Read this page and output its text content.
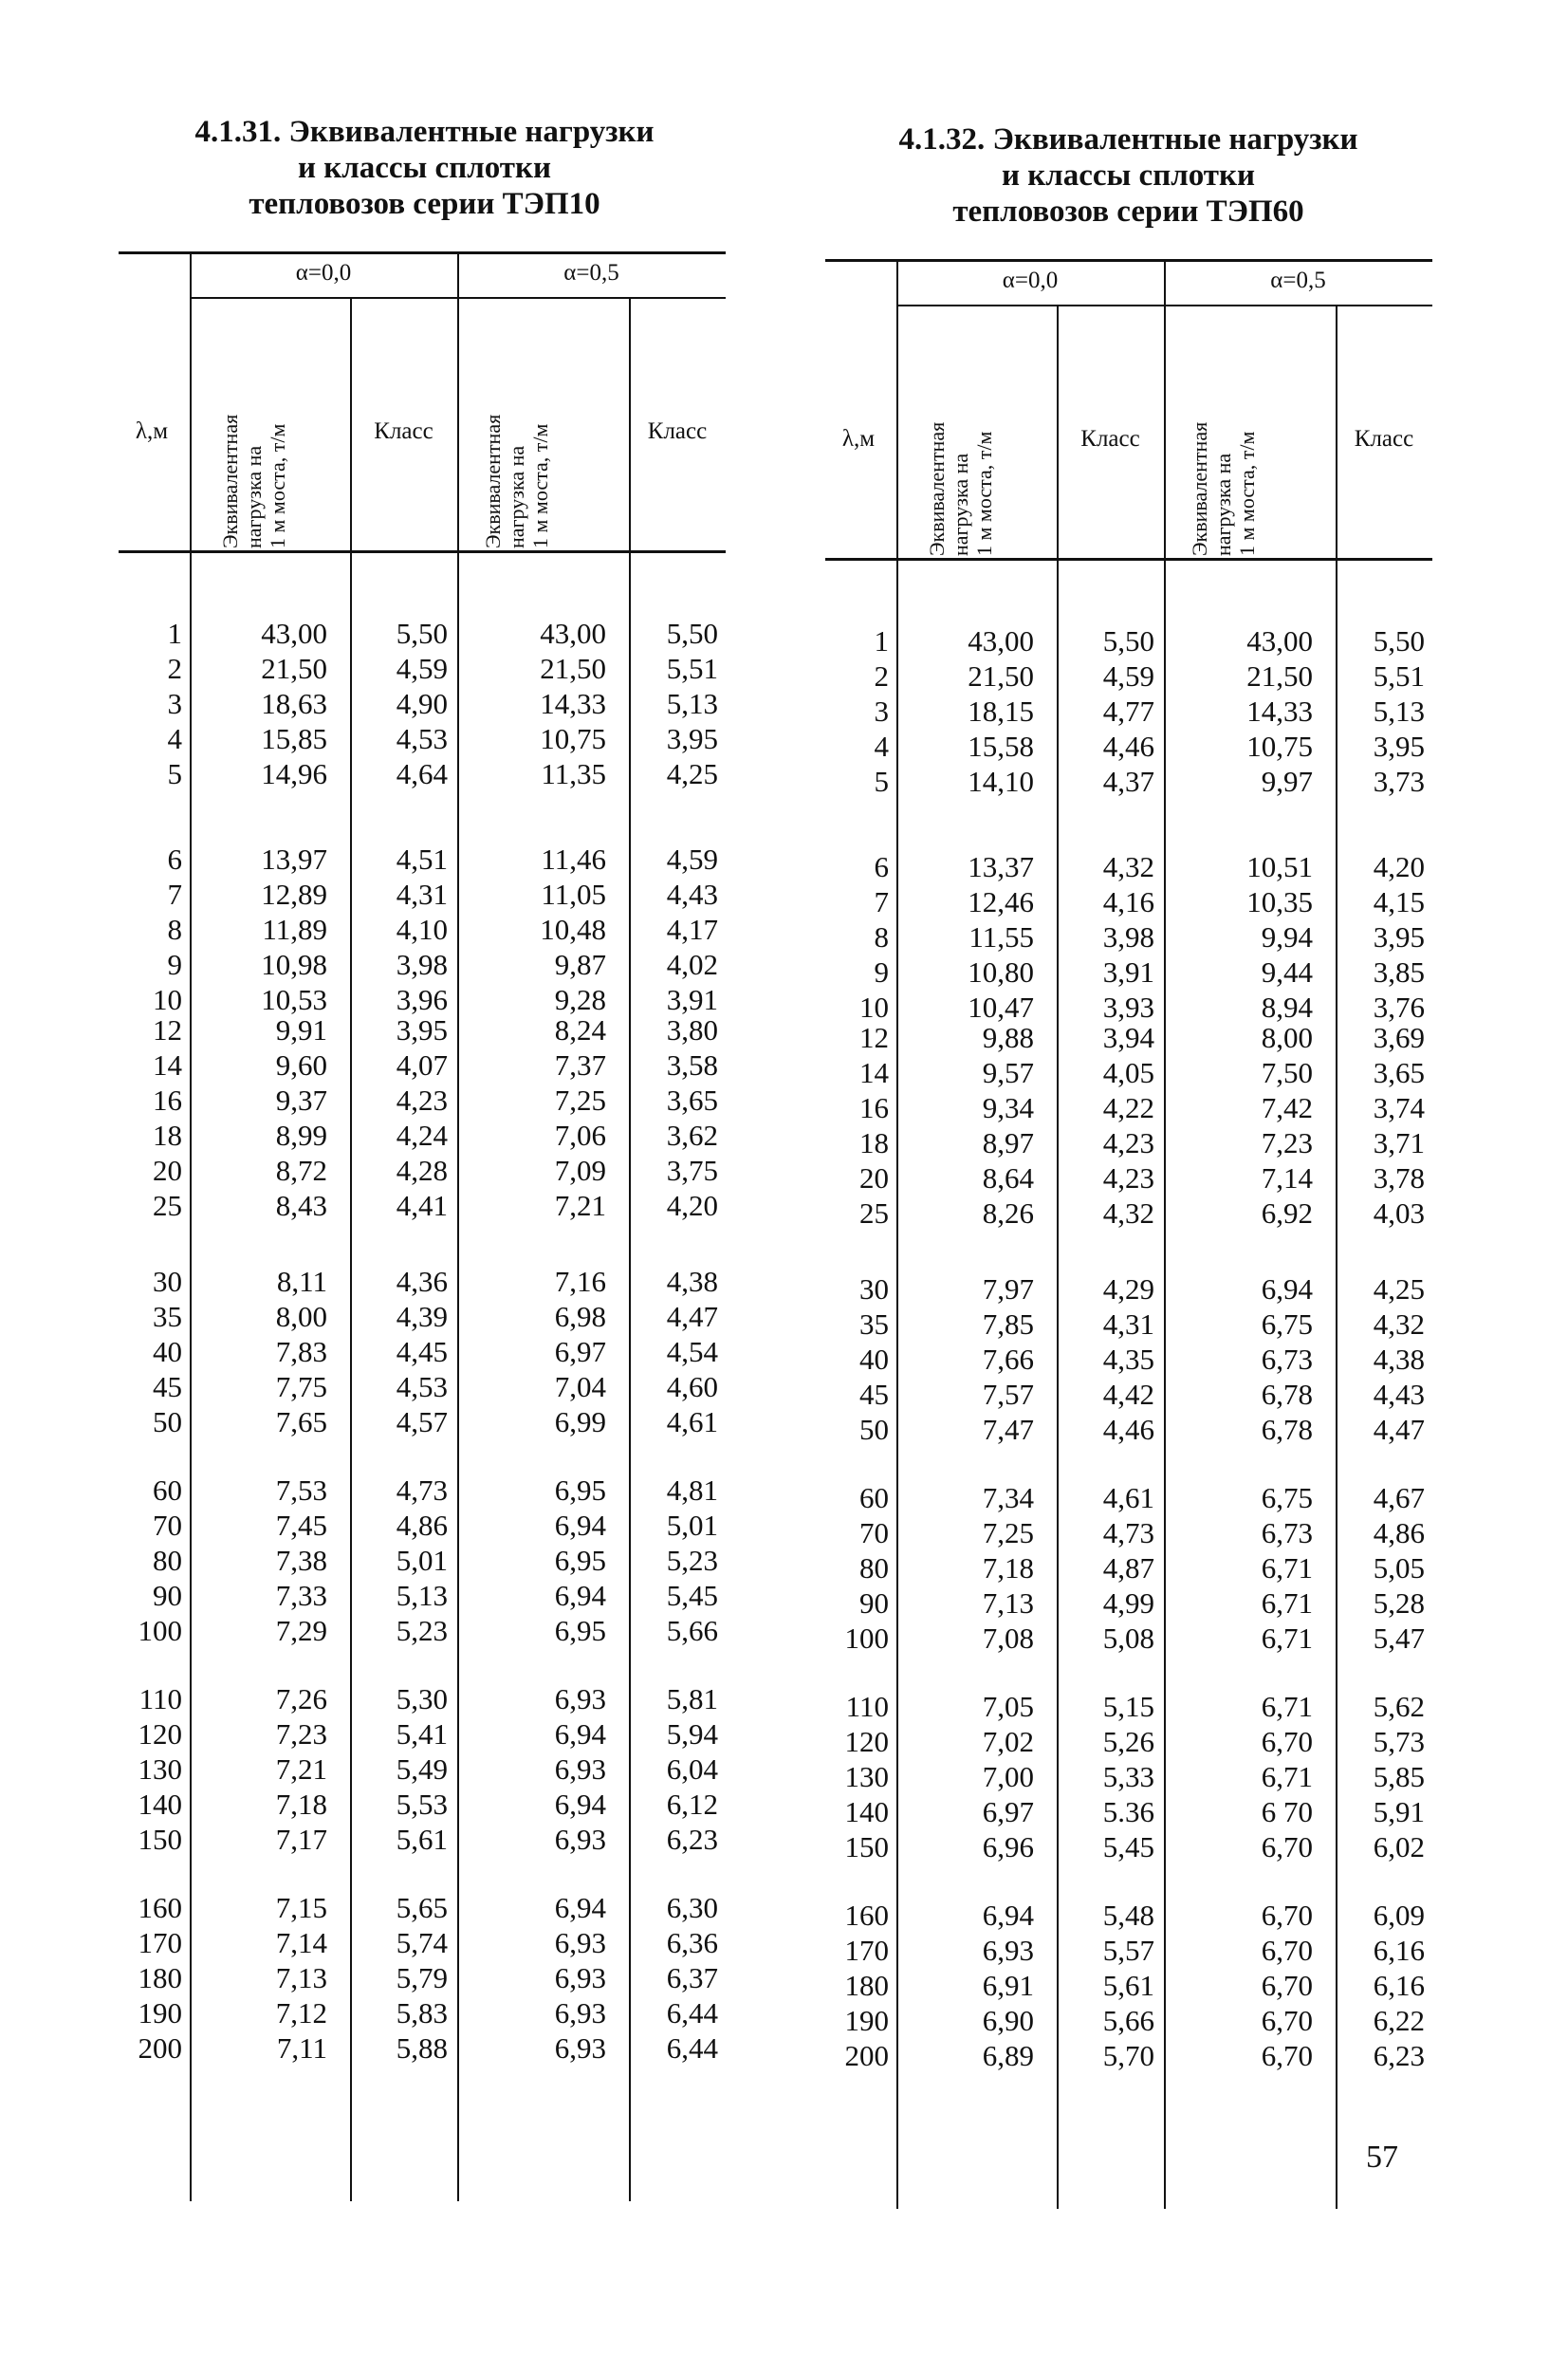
4.1.31. Эквивалентные нагрузки
и классы сплотки
тепловозов серии ТЭП10
4.1.32. Эквивалентные нагрузки
и классы сплотки
тепловозов серии ТЭП60
α=0,0	α=0,5
λ,м	Эквивалентная
нагрузка на
1 м моста, т/м	Класс	Эквивалентная
нагрузка на
1 м моста, т/м	Класс
1	43,00	5,50	43,00	5,50
2	21,50	4,59	21,50	5,51
3	18,63	4,90	14,33	5,13
4	15,85	4,53	10,75	3,95
5	14,96	4,64	11,35	4,25
6	13,97	4,51	11,46	4,59
7	12,89	4,31	11,05	4,43
8	11,89	4,10	10,48	4,17
9	10,98	3,98	9,87	4,02
10	10,53	3,96	9,28	3,91
12	9,91	3,95	8,24	3,80
14	9,60	4,07	7,37	3,58
16	9,37	4,23	7,25	3,65
18	8,99	4,24	7,06	3,62
20	8,72	4,28	7,09	3,75
25	8,43	4,41	7,21	4,20
30	8,11	4,36	7,16	4,38
35	8,00	4,39	6,98	4,47
40	7,83	4,45	6,97	4,54
45	7,75	4,53	7,04	4,60
50	7,65	4,57	6,99	4,61
60	7,53	4,73	6,95	4,81
70	7,45	4,86	6,94	5,01
80	7,38	5,01	6,95	5,23
90	7,33	5,13	6,94	5,45
100	7,29	5,23	6,95	5,66
110	7,26	5,30	6,93	5,81
120	7,23	5,41	6,94	5,94
130	7,21	5,49	6,93	6,04
140	7,18	5,53	6,94	6,12
150	7,17	5,61	6,93	6,23
160	7,15	5,65	6,94	6,30
170	7,14	5,74	6,93	6,36
180	7,13	5,79	6,93	6,37
190	7,12	5,83	6,93	6,44
200	7,11	5,88	6,93	6,44
α=0,0	α=0,5
λ,м	Эквивалентная
нагрузка на
1 м моста, т/м	Класс	Эквивалентная
нагрузка на
1 м моста, т/м	Класс
1	43,00	5,50	43,00	5,50
2	21,50	4,59	21,50	5,51
3	18,15	4,77	14,33	5,13
4	15,58	4,46	10,75	3,95
5	14,10	4,37	9,97	3,73
6	13,37	4,32	10,51	4,20
7	12,46	4,16	10,35	4,15
8	11,55	3,98	9,94	3,95
9	10,80	3,91	9,44	3,85
10	10,47	3,93	8,94	3,76
12	9,88	3,94	8,00	3,69
14	9,57	4,05	7,50	3,65
16	9,34	4,22	7,42	3,74
18	8,97	4,23	7,23	3,71
20	8,64	4,23	7,14	3,78
25	8,26	4,32	6,92	4,03
30	7,97	4,29	6,94	4,25
35	7,85	4,31	6,75	4,32
40	7,66	4,35	6,73	4,38
45	7,57	4,42	6,78	4,43
50	7,47	4,46	6,78	4,47
60	7,34	4,61	6,75	4,67
70	7,25	4,73	6,73	4,86
80	7,18	4,87	6,71	5,05
90	7,13	4,99	6,71	5,28
100	7,08	5,08	6,71	5,47
110	7,05	5,15	6,71	5,62
120	7,02	5,26	6,70	5,73
130	7,00	5,33	6,71	5,85
140	6,97	5.36	6 70	5,91
150	6,96	5,45	6,70	6,02
160	6,94	5,48	6,70	6,09
170	6,93	5,57	6,70	6,16
180	6,91	5,61	6,70	6,16
190	6,90	5,66	6,70	6,22
200	6,89	5,70	6,70	6,23
57
